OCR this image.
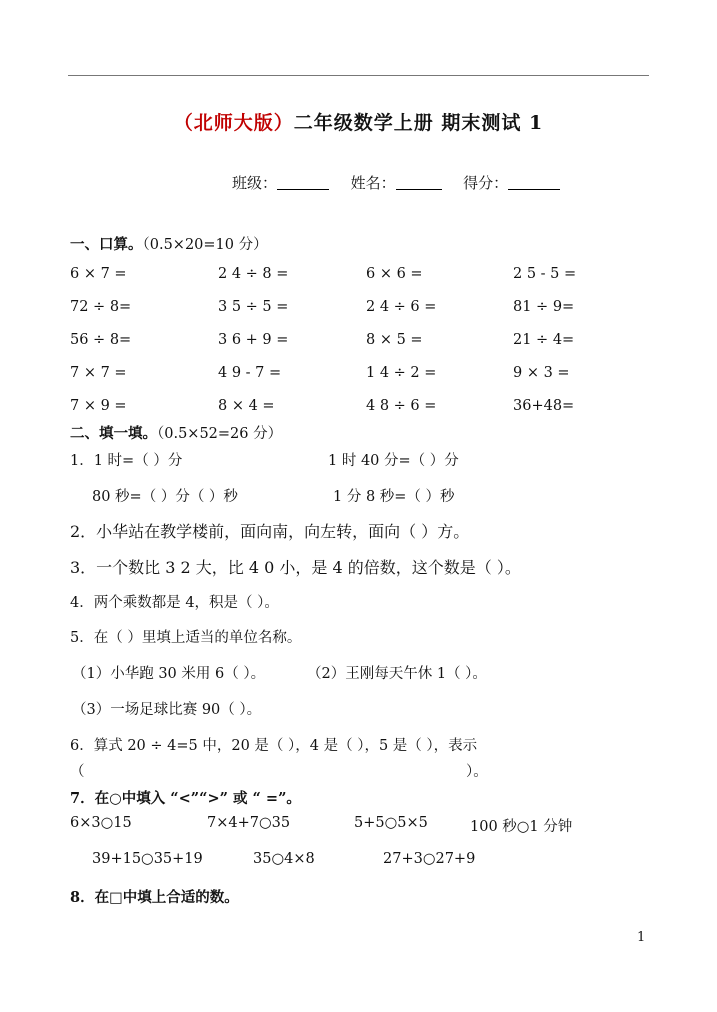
（北师大版）二年级数学上册 期末测试 1
班级：	姓名：	得分：
一、口算。（0.5×20=10 分）
6 × 7 =	2 4 ÷ 8 =	6 × 6 =	2 5 - 5 =
72 ÷ 8=	3 5 ÷ 5 =	2 4 ÷ 6 =	81 ÷ 9=
56 ÷ 8=	3 6 + 9 =	8 × 5 =	21 ÷ 4=
7 × 7 =	4 9 - 7 =	1 4 ÷ 2 =	9 × 3 =
7 × 9 =	8 × 4 =	4 8 ÷ 6 =	36+48=
二、填一填。（0.5×52=26 分）
1．1 时=（ ）分	1 时 40 分=（ ）分
80 秒=（ ）分（ ）秒	1 分 8 秒=（ ）秒
2．小华站在教学楼前，面向南，向左转，面向（ ）方。
3．一个数比 3 2 大，比 4 0 小，是 4 的倍数，这个数是（ ）。
4．两个乘数都是 4，积是（ ）。
5．在（ ）里填上适当的单位名称。
（1）小华跑 30 米用 6（ ）。	（2）王刚每天午休 1（ ）。
（3）一场足球比赛 90（ ）。
6．算式 20 ÷ 4=5 中，20 是（ ），4 是（ ），5 是（ ），表示
（	）。
7．在○中填入 “<”“>” 或 “ =”。
6×3○15	7×4+7○35	5+5○5×5	100 秒○1 分钟
39+15○35+19	35○4×8	27+3○27+9
8．在□中填上合适的数。
1
